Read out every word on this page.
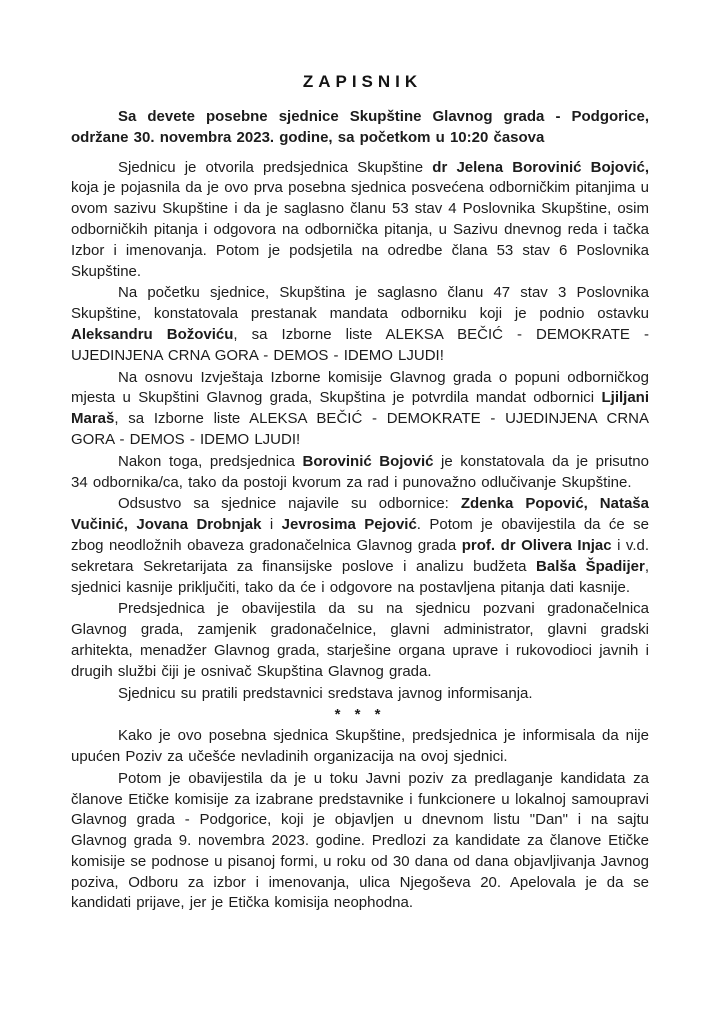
ZAPISNIK

Sa devete posebne sjednice Skupštine Glavnog grada - Podgorice, održane 30. novembra 2023. godine, sa početkom u 10:20 časova

Sjednicu je otvorila predsjednica Skupštine dr Jelena Borovinić Bojović, koja je pojasnila da je ovo prva posebna sjednica posvećena odborničkim pitanjima u ovom sazivu Skupštine i da je saglasno članu 53 stav 4 Poslovnika Skupštine, osim odborničkih pitanja i odgovora na odbornička pitanja, u Sazivu dnevnog reda i tačka Izbor i imenovanja. Potom je podsjetila na odredbe člana 53 stav 6 Poslovnika Skupštine.

Na početku sjednice, Skupština je saglasno članu 47 stav 3 Poslovnika Skupštine, konstatovala prestanak mandata odborniku koji je podnio ostavku Aleksandru Božoviću, sa Izborne liste ALEKSA BEČIĆ - DEMOKRATE - UJEDINJENA CRNA GORA - DEMOS - IDEMO LJUDI!

Na osnovu Izvještaja Izborne komisije Glavnog grada o popuni odborničkog mjesta u Skupštini Glavnog grada, Skupština je potvrdila mandat odbornici Ljiljani Maraš, sa Izborne liste ALEKSA BEČIĆ - DEMOKRATE - UJEDINJENA CRNA GORA - DEMOS - IDEMO LJUDI!

Nakon toga, predsjednica Borovinić Bojović je konstatovala da je prisutno 34 odbornika/ca, tako da postoji kvorum za rad i punovažno odlučivanje Skupštine.

Odsustvo sa sjednice najavile su odbornice: Zdenka Popović, Nataša Vučinić, Jovana Drobnjak i Jevrosima Pejović. Potom je obavijestila da će se zbog neodložnih obaveza gradonačelnica Glavnog grada prof. dr Olivera Injac i v.d. sekretara Sekretarijata za finansijske poslove i analizu budžeta Balša Špadijer, sjednici kasnije priključiti, tako da će i odgovore na postavljena pitanja dati kasnije.

Predsjednica je obavijestila da su na sjednicu pozvani gradonačelnica Glavnog grada, zamjenik gradonačelnice, glavni administrator, glavni gradski arhitekta, menadžer Glavnog grada, starješine organa uprave i rukovodioci javnih i drugih službi čiji je osnivač Skupština Glavnog grada.

Sjednicu su pratili predstavnici sredstava javnog informisanja.

* * *

Kako je ovo posebna sjednica Skupštine, predsjednica je informisala da nije upućen Poziv za učešće nevladinih organizacija na ovoj sjednici.

Potom je obavijestila da je u toku Javni poziv za predlaganje kandidata za članove Etičke komisije za izabrane predstavnike i funkcionere u lokalnoj samoupravi Glavnog grada - Podgorice, koji je objavljen u dnevnom listu "Dan" i na sajtu Glavnog grada 9. novembra 2023. godine. Predlozi za kandidate za članove Etičke komisije se podnose u pisanoj formi, u roku od 30 dana od dana objavljivanja Javnog poziva, Odboru za izbor i imenovanja, ulica Njegoševa 20. Apelovala je da se kandidati prijave, jer je Etička komisija neophodna.
